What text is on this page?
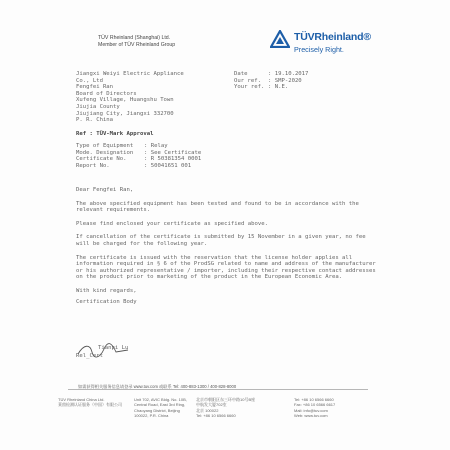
TÜV Rheinland (Shanghai) Ltd.
Member of TÜV Rheinland Group
TÜVRheinland®
Precisely Right.
Jiangxi Weiyi Electric Appliance
Co., Ltd
Fengfei Ran
Board of Directors
Xufeng Village, Huangshu Town
Jiujia County
Jiujiang City, Jiangxi 332700
P. R. China
Date	: 19.10.2017
Our ref.	: SMP-2020
Your ref. : N.E.
Ref : TÜV-Mark Approval
Type of Equipment	: Relay
Mode. Designation	: See Certificate
Certificate No.	: R 50381354 0001
Report No.	: 50041651 001

Dear Fengfei Ran,

The above specified equipment has been tested and found to be in accordance with the relevant requirements.

Please find enclosed your certificate as specified above.

If cancellation of the certificate is submitted by 15 November in a given year, no fee will be charged for the following year.

The certificate is issued with the reservation that the license holder applies all information required in § 6 of the ProdSG related to name and address of the manufacturer or his authorized representative / importer, including their respective contact addresses on the product prior to marketing of the product in the European Economic Area.

With kind regards,

Certification Body

Tianpi Lu
Rel_Cert
如需获得相关服务信息请登录 www.tuv.com 或联系 Tel: 400-883-1300 / 400-828-8000
TÜV Rheinland China Ltd.
莱茵检测认证服务（中国）有限公司
Unit 702, AVIC Bldg. No. 10B,
Central Road, East 3rd Ring,
Chaoyang District, Beijing
100022, P.R. China
北京市朝阳区东三环中路10号B座
中航发大厦702室
北京 100022
Tel: +86 10 6566 6660
Tel: +86 10 6566 6660
Fax: +86 10 6566 6617
Mail: info@tuv.com
Web: www.tuv.com
